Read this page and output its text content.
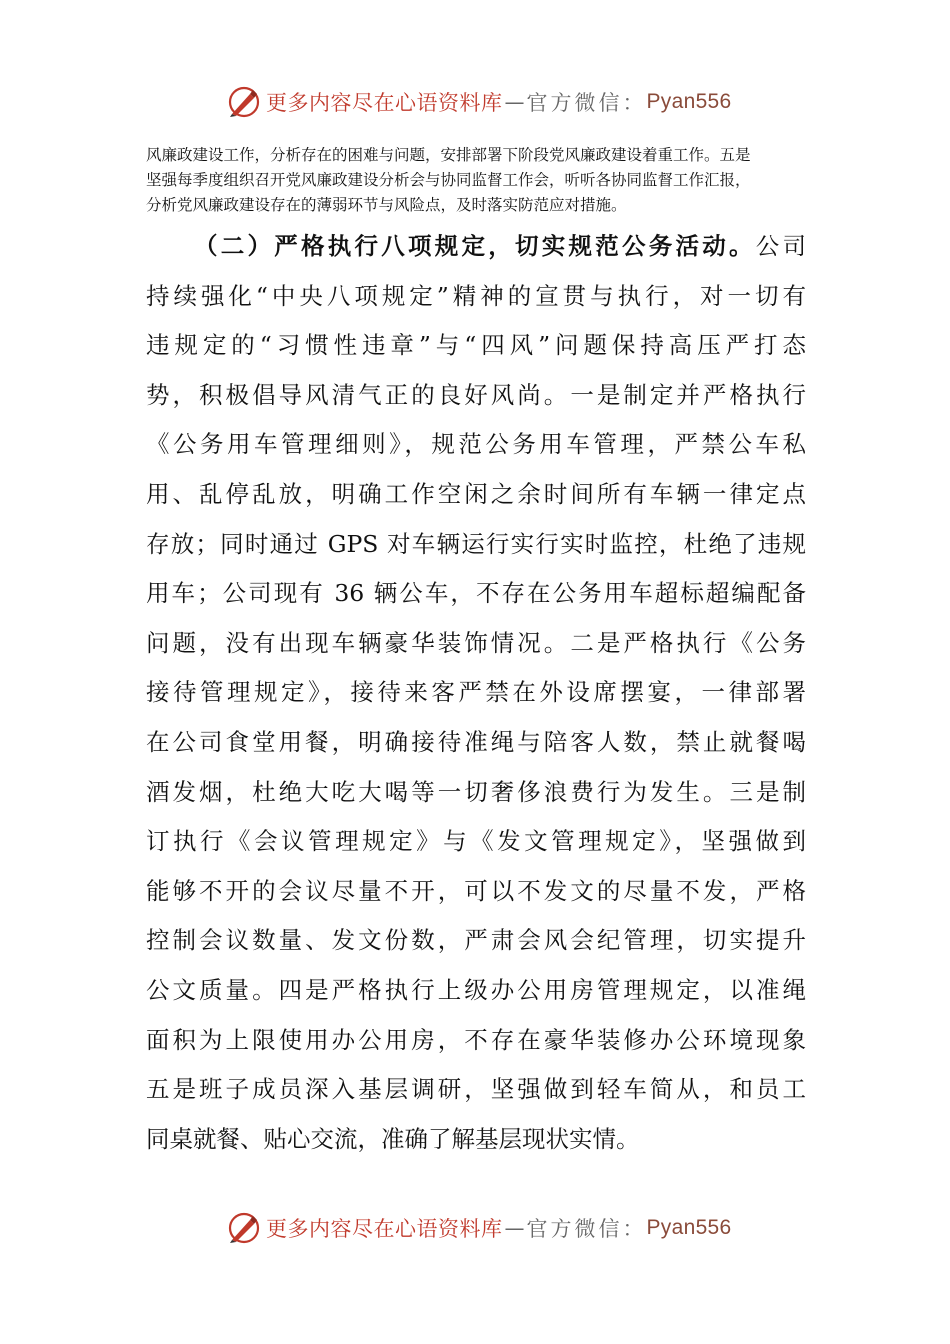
更多内容尽在心语资料库 — 官方微信： Pyan556

风廉政建设工作，分析存在的困难与问题，安排部署下阶段党风廉政建设着重工作。五是
坚强每季度组织召开党风廉政建设分析会与协同监督工作会，听听各协同监督工作汇报，
分析党风廉政建设存在的薄弱环节与风险点，及时落实防范应对措施。

（二）严格执行八项规定，切实规范公务活动。公司
持续强化“中央八项规定”精神的宣贯与执行，对一切有
违规定的“习惯性违章”与“四风”问题保持高压严打态
势，积极倡导风清气正的良好风尚。一是制定并严格执行
《公务用车管理细则》，规范公务用车管理，严禁公车私
用、乱停乱放，明确工作空闲之余时间所有车辆一律定点
存放；同时通过 GPS 对车辆运行实行实时监控，杜绝了违规
用车；公司现有 36 辆公车，不存在公务用车超标超编配备
问题，没有出现车辆豪华装饰情况。二是严格执行《公务
接待管理规定》，接待来客严禁在外设席摆宴，一律部署
在公司食堂用餐，明确接待准绳与陪客人数，禁止就餐喝
酒发烟，杜绝大吃大喝等一切奢侈浪费行为发生。三是制
订执行《会议管理规定》与《发文管理规定》，坚强做到
能够不开的会议尽量不开，可以不发文的尽量不发，严格
控制会议数量、发文份数，严肃会风会纪管理，切实提升
公文质量。四是严格执行上级办公用房管理规定，以准绳
面积为上限使用办公用房，不存在豪华装修办公环境现象
五是班子成员深入基层调研，坚强做到轻车简从，和员工
同桌就餐、贴心交流，准确了解基层现状实情。
更多内容尽在心语资料库 — 官方微信： Pyan556
